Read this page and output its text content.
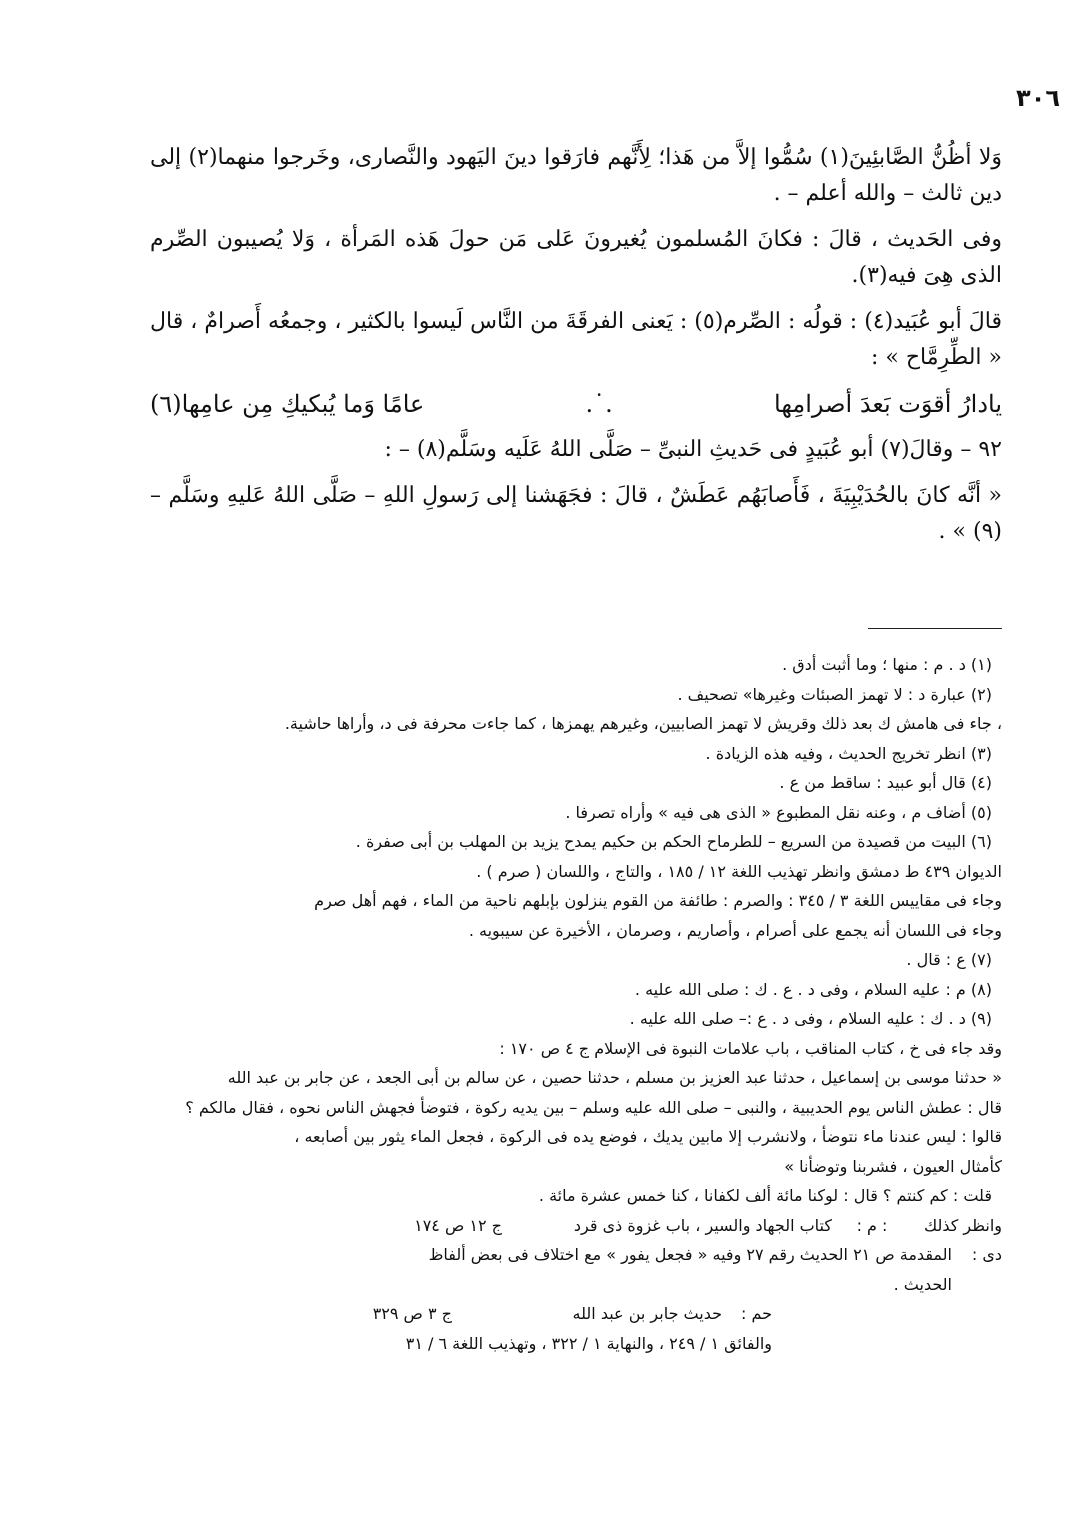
٣٠٦

وَلا أظُنُّ الصَّابئِينَ(١) سُمُّوا إلاَّ من هَذا؛ لِأَنَّهم فارَقوا دينَ اليَهود والنَّصارى، وخَرجوا منهما(٢) إلى دين ثالث – والله أعلم – .

وفى الحَديث ، قالَ : فكانَ المُسلمون يُغيرونَ عَلى مَن حولَ هَذه المَرأة ، وَلا يُصيبون الصِّرم الذى هِىَ فيه(٣).

قالَ أبو عُبَيد(٤) : قولُه : الصِّرم(٥) : يَعنى الفرقَةَ من النَّاس لَيسوا بالكثير ، وجمعُه أَصرامٌ ، قال « الطِّرِمَّاح » :

يادارُ أقوَت بَعدَ أصرامِها
.˙.
عامًا وَما يُبكيكِ مِن عامِها(٦)

٩٢ – وقالَ(٧) أبو عُبَيدٍ فى حَديثِ النبىِّ – صَلَّى اللهُ عَلَيه وسَلَّم(٨) – :

« أنَّه كانَ بالحُدَيْبِيَةَ ، فَأَصابَهُم عَطَشٌ ، قالَ : فجَهَشنا إلى رَسولِ اللهِ – صَلَّى اللهُ عَليهِ وسَلَّم – (٩) » .

(١) د . م : منها ؛ وما أثبت أدق .
(٢) عبارة د : لا تهمز الصبئات وغيرها» تصحيف .
، جاء فى هامش ك بعد ذلك وقريش لا تهمز الصابيين، وغيرهم يهمزها ، كما جاءت محرفة فى د، وأراها حاشية.
(٣) انظر تخريج الحديث ، وفيه هذه الزيادة .
(٤) قال أبو عبيد : ساقط من ع .
(٥) أضاف م ، وعنه نقل المطبوع « الذى هى فيه » وأراه تصرفا .
(٦) البيت من قصيدة من السريع – للطرماح الحكم بن حكيم يمدح يزيد بن المهلب بن أبى صفرة .
الديوان ٤٣٩ ط دمشق وانظر تهذيب اللغة ١٢ / ١٨٥ ، والتاج ، واللسان ( صرم ) .
وجاء فى مقاييس اللغة ٣ / ٣٤٥ : والصرم : طائفة من القوم ينزلون بإبلهم ناحية من الماء ، فهم أهل صرم
وجاء فى اللسان أنه يجمع على أصرام ، وأصاريم ، وصرمان ، الأخيرة عن سيبويه .
(٧) ع : قال .
(٨) م : عليه السلام ، وفى د . ع . ك : صلى الله عليه .
(٩) د . ك : عليه السلام ، وفى د . ع :– صلى الله عليه .
وقد جاء فى خ ، كتاب المناقب ، باب علامات النبوة فى الإسلام ج ٤ ص ١٧٠ :
« حدثنا موسى بن إسماعيل ، حدثنا عبد العزيز بن مسلم ، حدثنا حصين ، عن سالم بن أبى الجعد ، عن جابر بن عبد الله
قال : عطش الناس يوم الحديبية ، والنبى – صلى الله عليه وسلم – بين يديه ركوة ، فتوضأ فجهش الناس نحوه ، فقال مالكم ؟
قالوا : ليس عندنا ماء نتوضأ ، ولانشرب إلا مابين يديك ، فوضع يده فى الركوة ، فجعل الماء يثور بين أصابعه ،
كأمثال العيون ، فشربنا وتوضأنا »
قلت : كم كنتم ؟ قال : لوكنا مائة ألف لكفانا ، كنا خمس عشرة مائة .
وانظر كذلك
: م :
كتاب الجهاد والسير ، باب غزوة ذى قرد
ج ١٢ ص ١٧٤
دى :
المقدمة ص ٢١ الحديث رقم ٢٧ وفيه « فجعل يفور » مع اختلاف فى بعض ألفاظ
الحديث .
حم :
حديث جابر بن عبد الله
ج ٣ ص ٣٢٩
والفائق ١ / ٢٤٩ ، والنهاية ١ / ٣٢٢ ، وتهذيب اللغة ٦ / ٣١
